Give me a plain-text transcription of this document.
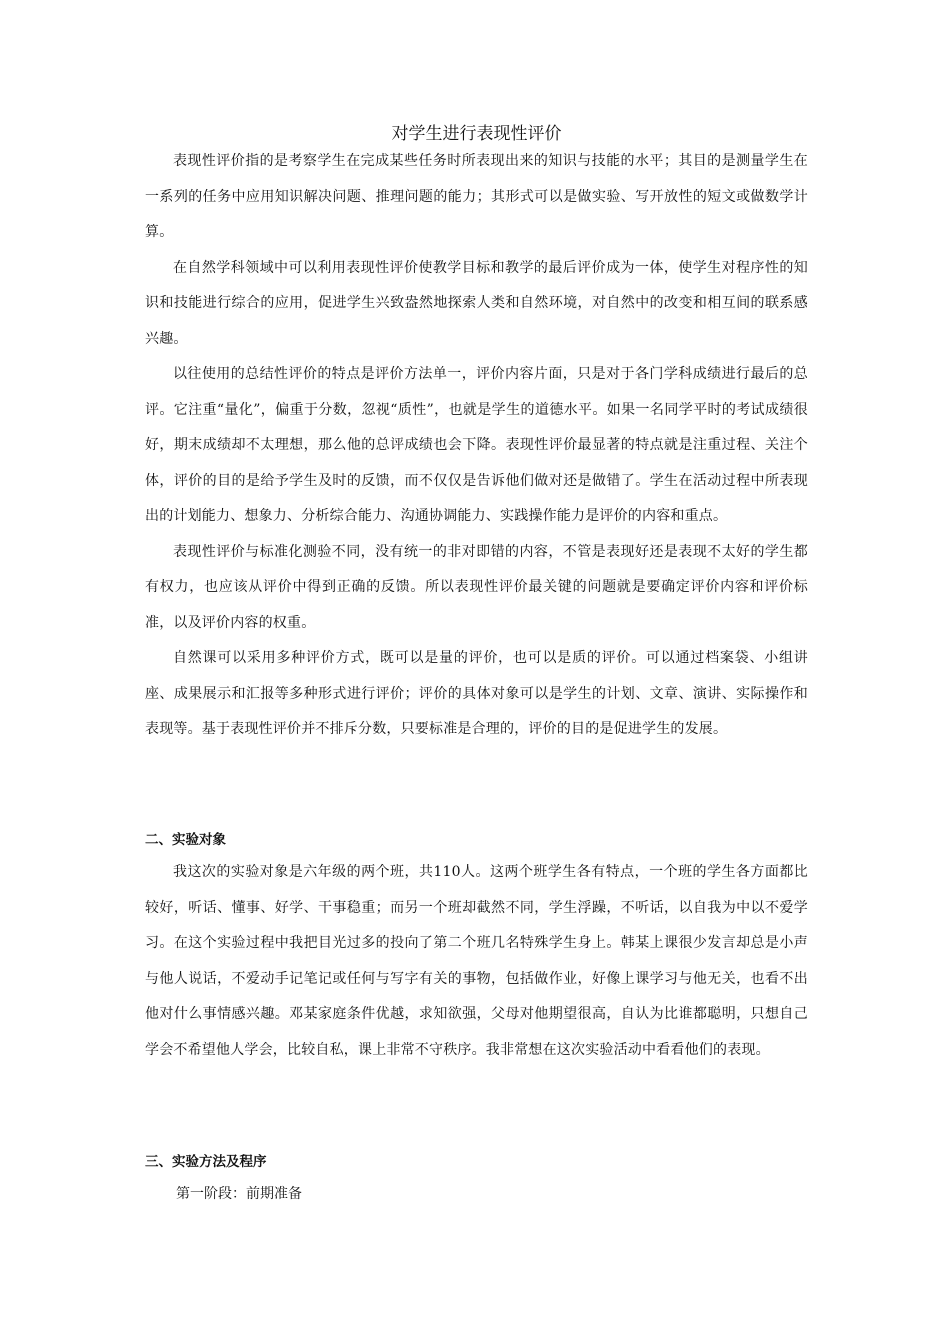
对学生进行表现性评价

表现性评价指的是考察学生在完成某些任务时所表现出来的知识与技能的水平；其目的是测量学生在一系列的任务中应用知识解决问题、推理问题的能力；其形式可以是做实验、写开放性的短文或做数学计算。

在自然学科领域中可以利用表现性评价使教学目标和教学的最后评价成为一体，使学生对程序性的知识和技能进行综合的应用，促进学生兴致盎然地探索人类和自然环境，对自然中的改变和相互间的联系感兴趣。

以往使用的总结性评价的特点是评价方法单一，评价内容片面，只是对于各门学科成绩进行最后的总评。它注重“量化”，偏重于分数，忽视“质性”，也就是学生的道德水平。如果一名同学平时的考试成绩很好，期末成绩却不太理想，那么他的总评成绩也会下降。表现性评价最显著的特点就是注重过程、关注个体，评价的目的是给予学生及时的反馈，而不仅仅是告诉他们做对还是做错了。学生在活动过程中所表现出的计划能力、想象力、分析综合能力、沟通协调能力、实践操作能力是评价的内容和重点。

表现性评价与标准化测验不同，没有统一的非对即错的内容，不管是表现好还是表现不太好的学生都有权力，也应该从评价中得到正确的反馈。所以表现性评价最关键的问题就是要确定评价内容和评价标准，以及评价内容的权重。

自然课可以采用多种评价方式，既可以是量的评价，也可以是质的评价。可以通过档案袋、小组讲座、成果展示和汇报等多种形式进行评价；评价的具体对象可以是学生的计划、文章、演讲、实际操作和表现等。基于表现性评价并不排斥分数，只要标准是合理的，评价的目的是促进学生的发展。

二、实验对象

我这次的实验对象是六年级的两个班，共110人。这两个班学生各有特点，一个班的学生各方面都比较好，听话、懂事、好学、干事稳重；而另一个班却截然不同，学生浮躁，不听话，以自我为中以不爱学习。在这个实验过程中我把目光过多的投向了第二个班几名特殊学生身上。韩某上课很少发言却总是小声与他人说话，不爱动手记笔记或任何与写字有关的事物，包括做作业，好像上课学习与他无关，也看不出他对什么事情感兴趣。邓某家庭条件优越，求知欲强，父母对他期望很高，自认为比谁都聪明，只想自己学会不希望他人学会，比较自私，课上非常不守秩序。我非常想在这次实验活动中看看他们的表现。

三、实验方法及程序

第一阶段：前期准备
